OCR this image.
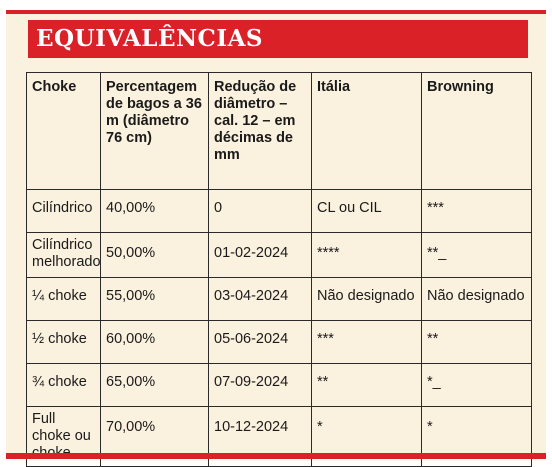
EQUIVALÊNCIAS
Choke	Percentagem de bagos a 36 m (diâmetro 76 cm)	Redução de diâmetro – cal. 12 – em décimas de mm	Itália	Browning
Cilíndrico	40,00%	0	CL ou CIL	***
Cilíndrico melhorado	50,00%	01-02-2024	****	**_
¼ choke	55,00%	03-04-2024	Não designado	Não designado
½ choke	60,00%	05-06-2024	***	**
¾ choke	65,00%	07-09-2024	**	*_
Full choke ou	70,00%	10-12-2024	*	*
